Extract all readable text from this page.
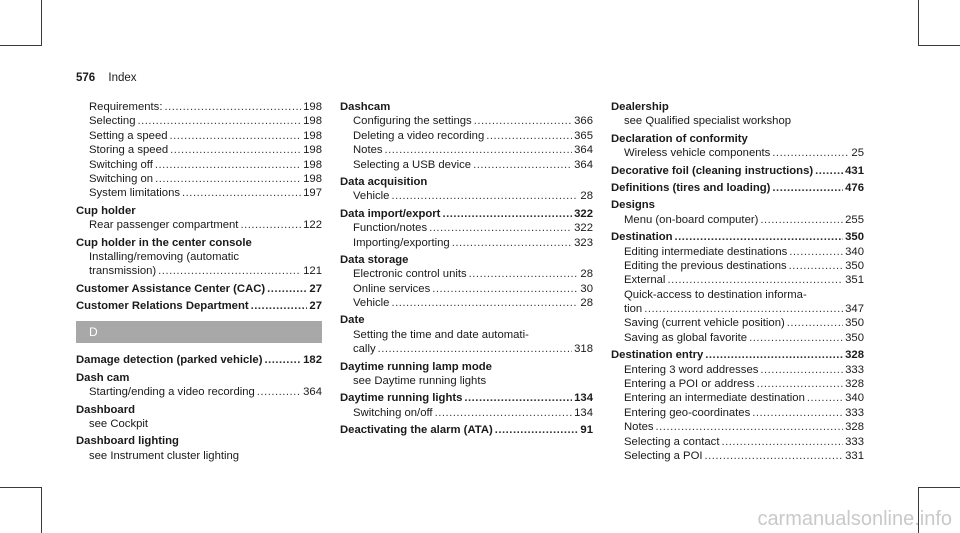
576 Index
Requirements: .....	198
Selecting .....	198
Setting a speed .....	198
Storing a speed .....	198
Switching off .....	198
Switching on .....	198
System limitations .....	197
Cup holder
Rear passenger compartment .....	122
Cup holder in the center console
Installing/removing (automatic
transmission) .....	121
Customer Assistance Center (CAC) .....	27
Customer Relations Department .....	27
D
Damage detection (parked vehicle) .....	182
Dash cam
Starting/ending a video recording .....	364
Dashboard
see Cockpit
Dashboard lighting
see Instrument cluster lighting
Dashcam
Configuring the settings .....	366
Deleting a video recording .....	365
Notes .....	364
Selecting a USB device .....	364
Data acquisition
Vehicle .....	28
Data import/export .....	322
Function/notes .....	322
Importing/exporting .....	323
Data storage
Electronic control units .....	28
Online services .....	30
Vehicle .....	28
Date
Setting the time and date automati-
cally .....	318
Daytime running lamp mode
see Daytime running lights
Daytime running lights .....	134
Switching on/off .....	134
Deactivating the alarm (ATA) .....	91
Dealership
see Qualified specialist workshop
Declaration of conformity
Wireless vehicle components .....	25
Decorative foil (cleaning instructions) .....	431
Definitions (tires and loading) .....	476
Designs
Menu (on-board computer) .....	255
Destination .....	350
Editing intermediate destinations .....	340
Editing the previous destinations .....	350
External .....	351
Quick-access to destination informa-
tion .....	347
Saving (current vehicle position) .....	350
Saving as global favorite .....	350
Destination entry .....	328
Entering 3 word addresses .....	333
Entering a POI or address .....	328
Entering an intermediate destination .....	340
Entering geo-coordinates .....	333
Notes .....	328
Selecting a contact .....	333
Selecting a POI .....	331
carmanualsonline.info
